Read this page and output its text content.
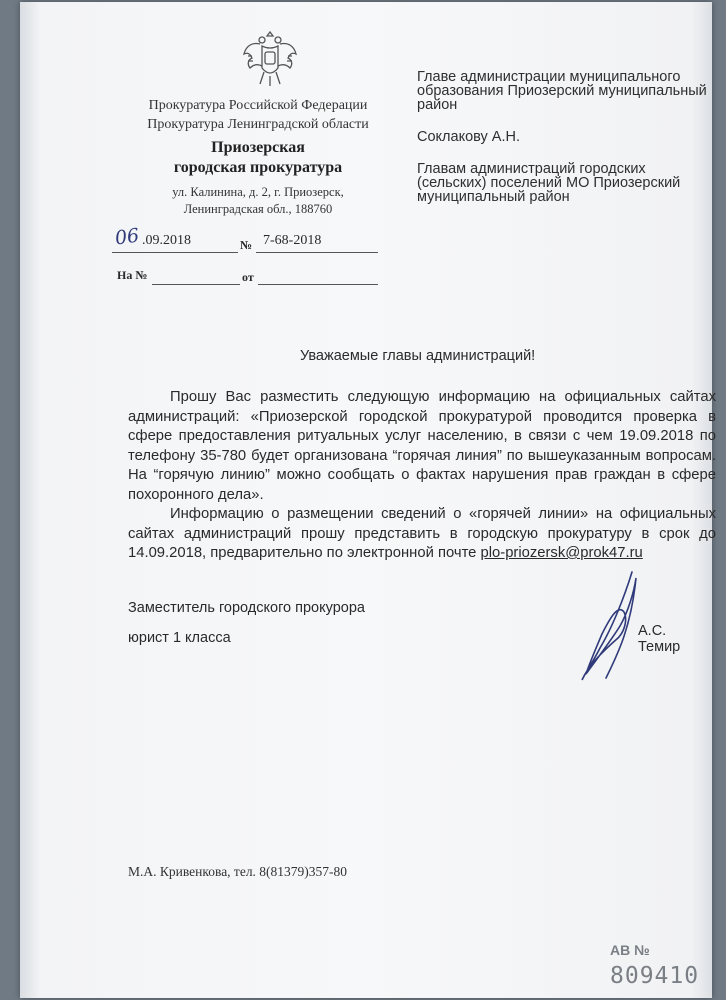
Прокуратура Российской Федерации
Прокуратура Ленинградской области
Приозерская
городская прокуратура
ул. Калинина, д. 2, г. Приозерск,
Ленинградская обл., 188760

Главе администрации муниципального образования Приозерский муниципальный район

Соклакову А.Н.

Главам администраций городских (сельских) поселений МО Приозерский муниципальный район

06 .09.2018	№ 7-68-2018
На №	от
Уважаемые главы администраций!

Прошу Вас разместить следующую информацию на официальных сайтах администраций: «Приозерской городской прокуратурой проводится проверка в сфере предоставления ритуальных услуг населению, в связи с чем 19.09.2018 по телефону 35-780 будет организована “горячая линия” по вышеуказанным вопросам. На “горячую линию” можно сообщать о фактах нарушения прав граждан в сфере похоронного дела».

Информацию о размещении сведений о «горячей линии» на официальных сайтах администраций прошу представить в городскую прокуратуру в срок до 14.09.2018, предварительно по электронной почте plo-priozersk@prok47.ru

Заместитель городского прокурора
юрист 1 класса	А.С. Темир
М.А. Кривенкова, тел. 8(81379)357-80
АВ № 809410
